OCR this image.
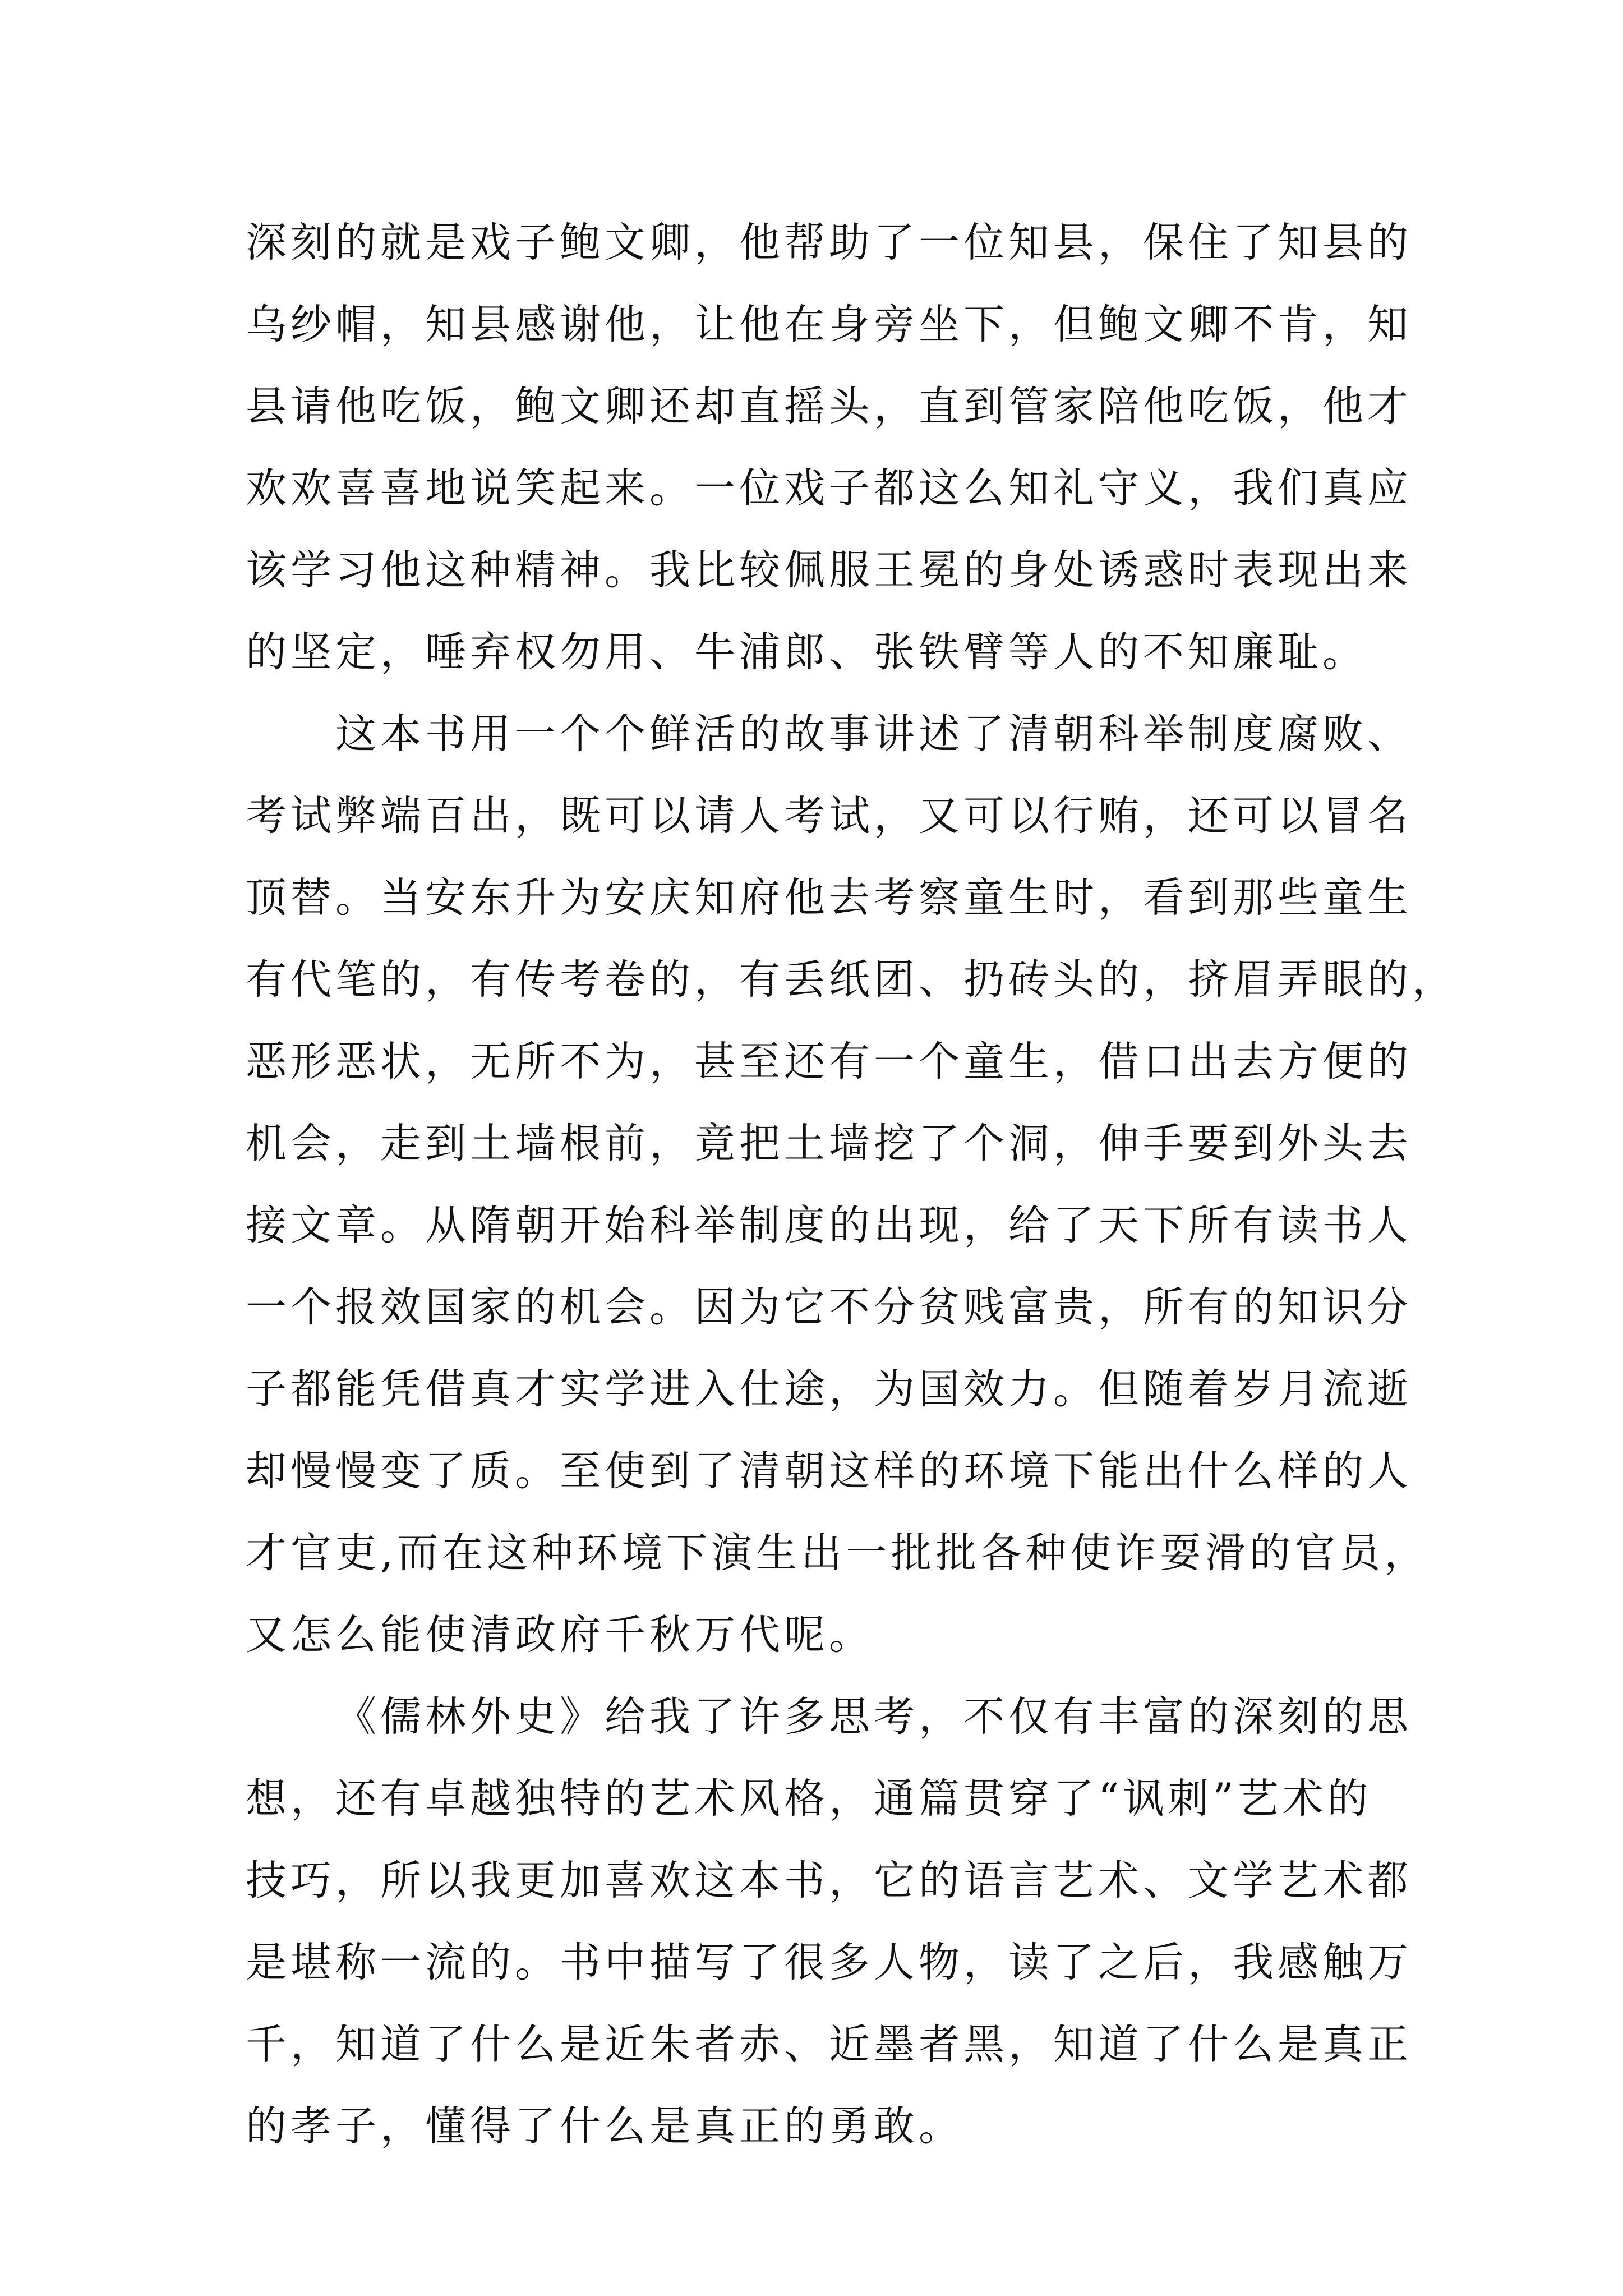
深刻的就是戏子鲍文卿，他帮助了一位知县，保住了知县的
乌纱帽，知县感谢他，让他在身旁坐下，但鲍文卿不肯，知
县请他吃饭，鲍文卿还却直摇头，直到管家陪他吃饭，他才
欢欢喜喜地说笑起来。一位戏子都这么知礼守义，我们真应
该学习他这种精神。我比较佩服王冕的身处诱惑时表现出来
的坚定，唾弃权勿用、牛浦郎、张铁臂等人的不知廉耻。
这本书用一个个鲜活的故事讲述了清朝科举制度腐败、
考试弊端百出，既可以请人考试，又可以行贿，还可以冒名
顶替。当安东升为安庆知府他去考察童生时，看到那些童生
有代笔的，有传考卷的，有丢纸团、扔砖头的，挤眉弄眼的，
恶形恶状，无所不为，甚至还有一个童生，借口出去方便的
机会，走到土墙根前，竟把土墙挖了个洞，伸手要到外头去
接文章。从隋朝开始科举制度的出现，给了天下所有读书人
一个报效国家的机会。因为它不分贫贱富贵，所有的知识分
子都能凭借真才实学进入仕途，为国效力。但随着岁月流逝
却慢慢变了质。至使到了清朝这样的环境下能出什么样的人
才官吏,而在这种环境下演生出一批批各种使诈耍滑的官员，
又怎么能使清政府千秋万代呢。
《儒林外史》给我了许多思考，不仅有丰富的深刻的思
想，还有卓越独特的艺术风格，通篇贯穿了“讽刺”艺术的
技巧，所以我更加喜欢这本书，它的语言艺术、文学艺术都
是堪称一流的。书中描写了很多人物，读了之后，我感触万
千，知道了什么是近朱者赤、近墨者黑，知道了什么是真正
的孝子，懂得了什么是真正的勇敢。
